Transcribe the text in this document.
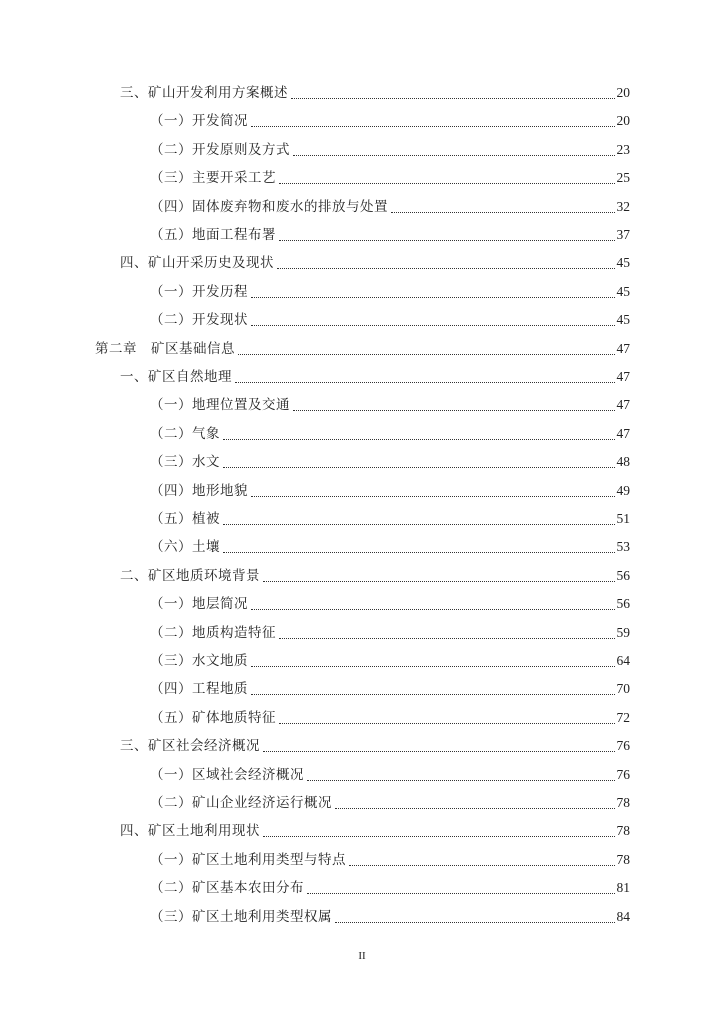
三、矿山开发利用方案概述	20
（一）开发简况	20
（二）开发原则及方式	23
（三）主要开采工艺	25
（四）固体废弃物和废水的排放与处置	32
（五）地面工程布署	37
四、矿山开采历史及现状	45
（一）开发历程	45
（二）开发现状	45
第二章　矿区基础信息	47
一、矿区自然地理	47
（一）地理位置及交通	47
（二）气象	47
（三）水文	48
（四）地形地貌	49
（五）植被	51
（六）土壤	53
二、矿区地质环境背景	56
（一）地层简况	56
（二）地质构造特征	59
（三）水文地质	64
（四）工程地质	70
（五）矿体地质特征	72
三、矿区社会经济概况	76
（一）区域社会经济概况	76
（二）矿山企业经济运行概况	78
四、矿区土地利用现状	78
（一）矿区土地利用类型与特点	78
（二）矿区基本农田分布	81
（三）矿区土地利用类型权属	84
II
